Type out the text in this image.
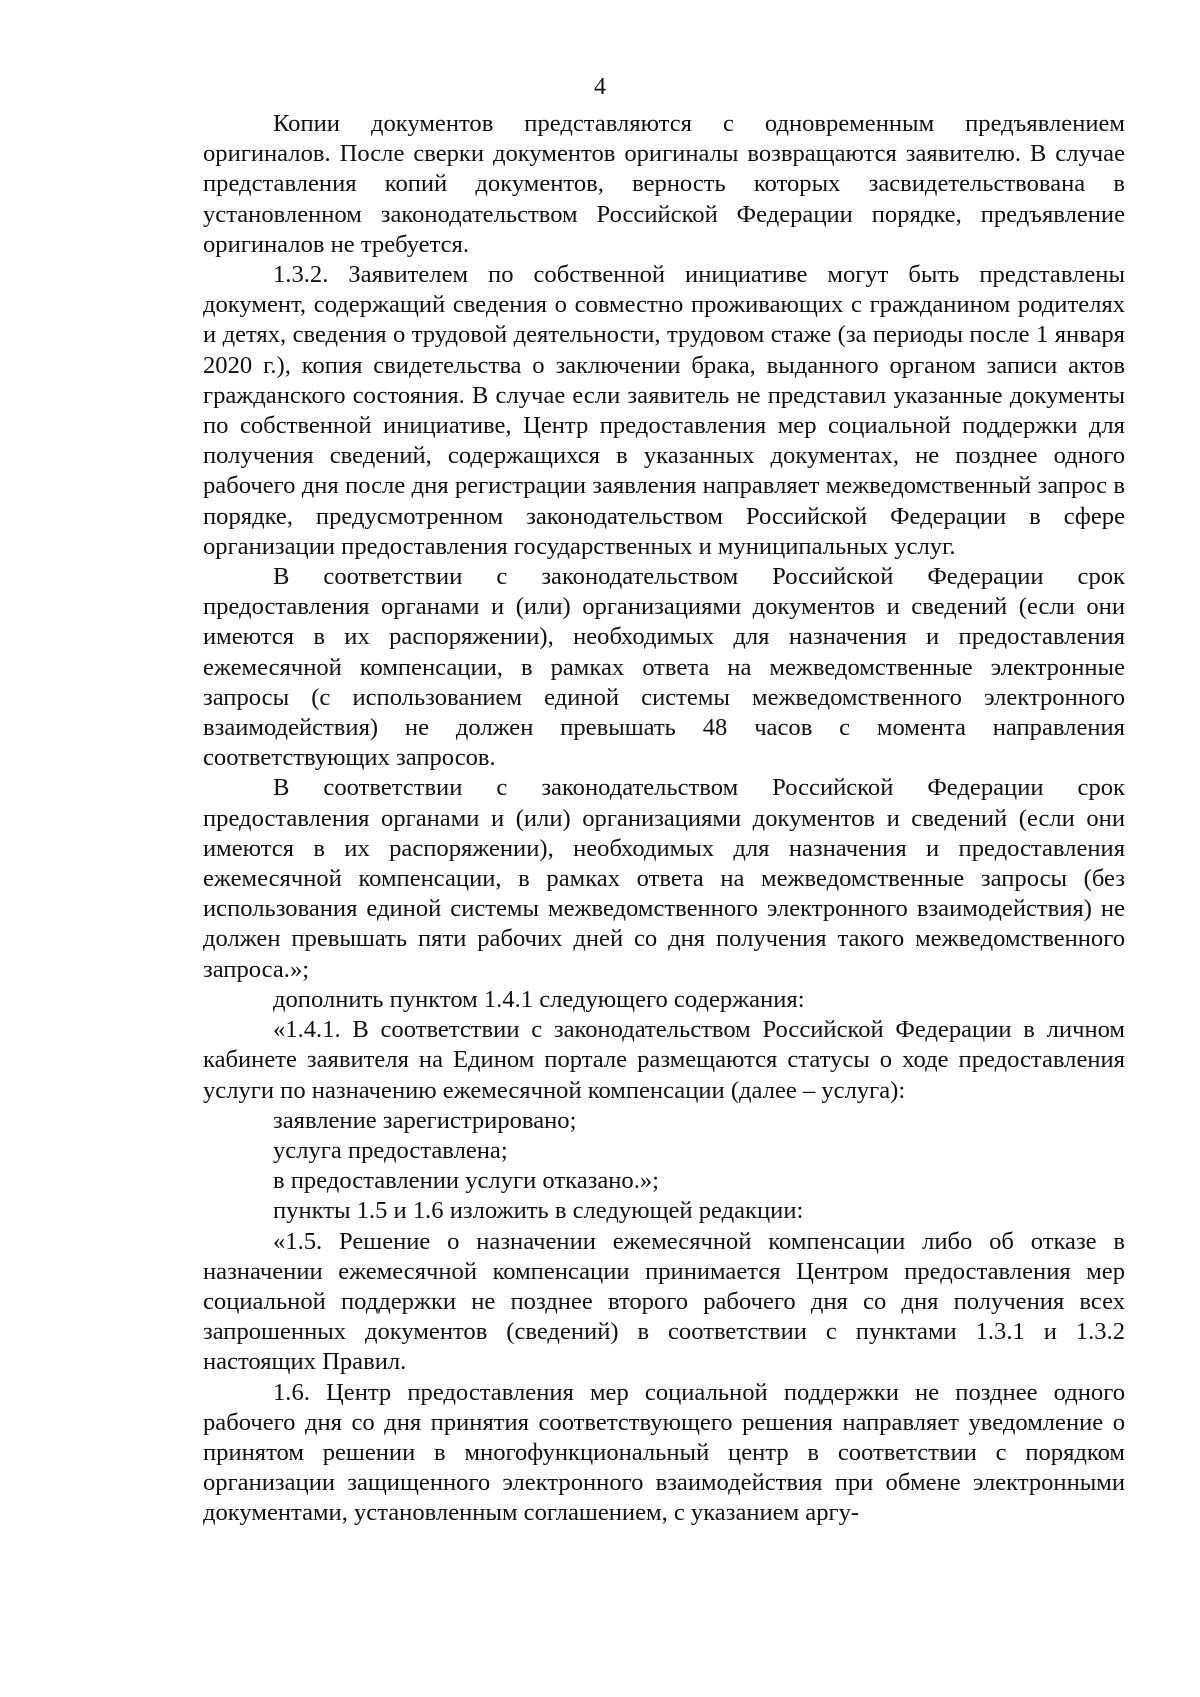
4

Копии документов представляются с одновременным предъявлением оригиналов. После сверки документов оригиналы возвращаются заявителю. В случае представления копий документов, верность которых засвидетельствована в установленном законодательством Российской Федерации порядке, предъявление оригиналов не требуется.

1.3.2. Заявителем по собственной инициативе могут быть представлены документ, содержащий сведения о совместно проживающих с гражданином родителях и детях, сведения о трудовой деятельности, трудовом стаже (за периоды после 1 января 2020 г.), копия свидетельства о заключении брака, выданного органом записи актов гражданского состояния. В случае если заявитель не представил указанные документы по собственной инициативе, Центр предоставления мер социальной поддержки для получения сведений, содержащихся в указанных документах, не позднее одного рабочего дня после дня регистрации заявления направляет межведомственный запрос в порядке, предусмотренном законодательством Российской Федерации в сфере организации предоставления государственных и муниципальных услуг.

В соответствии с законодательством Российской Федерации срок предоставления органами и (или) организациями документов и сведений (если они имеются в их распоряжении), необходимых для назначения и предоставления ежемесячной компенсации, в рамках ответа на межведомственные электронные запросы (с использованием единой системы межведомственного электронного взаимодействия) не должен превышать 48 часов с момента направления соответствующих запросов.

В соответствии с законодательством Российской Федерации срок предоставления органами и (или) организациями документов и сведений (если они имеются в их распоряжении), необходимых для назначения и предоставления ежемесячной компенсации, в рамках ответа на межведомственные запросы (без использования единой системы межведомственного электронного взаимодействия) не должен превышать пяти рабочих дней со дня получения такого межведомственного запроса.»;

дополнить пунктом 1.4.1 следующего содержания:

«1.4.1. В соответствии с законодательством Российской Федерации в личном кабинете заявителя на Едином портале размещаются статусы о ходе предоставления услуги по назначению ежемесячной компенсации (далее – услуга):

заявление зарегистрировано;

услуга предоставлена;

в предоставлении услуги отказано.»;

пункты 1.5 и 1.6 изложить в следующей редакции:

«1.5. Решение о назначении ежемесячной компенсации либо об отказе в назначении ежемесячной компенсации принимается Центром предоставления мер социальной поддержки не позднее второго рабочего дня со дня получения всех запрошенных документов (сведений) в соответствии с пунктами 1.3.1 и 1.3.2 настоящих Правил.

1.6. Центр предоставления мер социальной поддержки не позднее одного рабочего дня со дня принятия соответствующего решения направляет уведомление о принятом решении в многофункциональный центр в соответствии с порядком организации защищенного электронного взаимодействия при обмене электронными документами, установленным соглашением, с указанием аргу-
